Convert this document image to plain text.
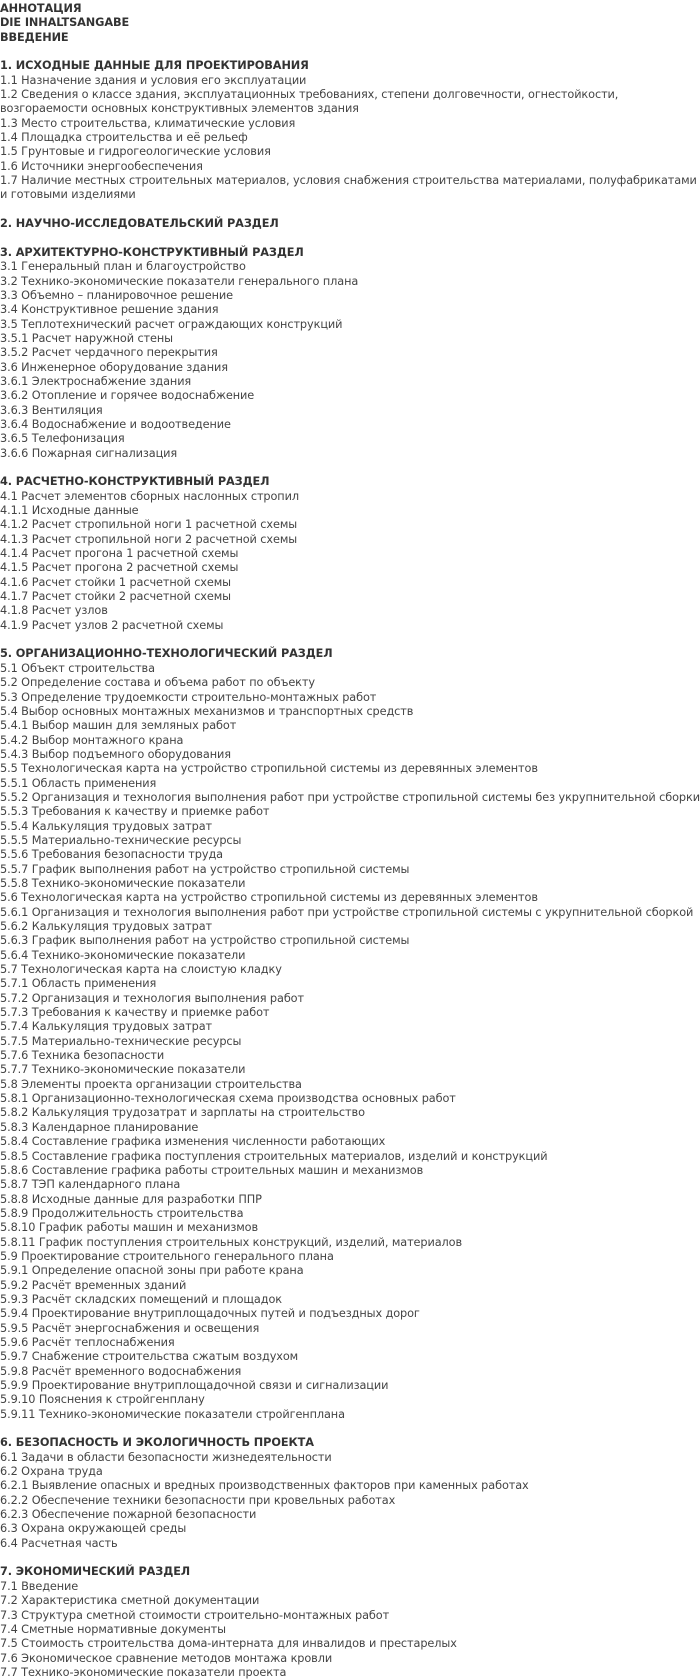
АННОТАЦИЯ
DIE INHALTSANGABE
ВВЕДЕНИЕ
1. ИСХОДНЫЕ ДАННЫЕ ДЛЯ ПРОЕКТИРОВАНИЯ
1.1 Назначение здания и условия его эксплуатации
1.2 Сведения о классе здания, эксплуатационных требованиях, степени долговечности, огнестойкости, возгораемости основных конструктивных элементов здания
1.3 Место строительства, климатические условия
1.4 Площадка строительства и её рельеф
1.5 Грунтовые и гидрогеологические условия
1.6 Источники энергообеспечения
1.7 Наличие местных строительных материалов, условия снабжения строительства материалами, полуфабрикатами и готовыми изделиями
2. НАУЧНО-ИССЛЕДОВАТЕЛЬСКИЙ РАЗДЕЛ
3. АРХИТЕКТУРНО-КОНСТРУКТИВНЫЙ РАЗДЕЛ
3.1 Генеральный план и благоустройство
3.2 Технико-экономические показатели генерального плана
3.3 Объемно – планировочное решение
3.4 Конструктивное решение здания
3.5 Теплотехнический расчет ограждающих конструкций
3.5.1 Расчет наружной стены
3.5.2 Расчет чердачного перекрытия
3.6 Инженерное оборудование здания
3.6.1 Электроснабжение здания
3.6.2 Отопление и горячее водоснабжение
3.6.3 Вентиляция
3.6.4 Водоснабжение и водоотведение
3.6.5 Телефонизация
3.6.6 Пожарная сигнализация
4. РАСЧЕТНО-КОНСТРУКТИВНЫЙ РАЗДЕЛ
4.1 Расчет элементов сборных наслонных стропил
4.1.1 Исходные данные
4.1.2 Расчет стропильной ноги 1 расчетной схемы
4.1.3 Расчет стропильной ноги 2 расчетной схемы
4.1.4 Расчет прогона 1 расчетной схемы
4.1.5 Расчет прогона 2 расчетной схемы
4.1.6 Расчет стойки 1 расчетной схемы
4.1.7 Расчет стойки 2 расчетной схемы
4.1.8 Расчет узлов
4.1.9 Расчет узлов 2 расчетной схемы
5. ОРГАНИЗАЦИОННО-ТЕХНОЛОГИЧЕСКИЙ РАЗДЕЛ
5.1 Объект строительства
5.2 Определение состава и объема работ по объекту
5.3 Определение трудоемкости строительно-монтажных работ
5.4 Выбор основных монтажных механизмов и транспортных средств
5.4.1 Выбор машин для земляных работ
5.4.2 Выбор монтажного крана
5.4.3 Выбор подъемного оборудования
5.5 Технологическая карта на устройство стропильной системы из деревянных элементов
5.5.1 Область применения
5.5.2 Организация и технология выполнения работ при устройстве стропильной системы без укрупнительной сборки
5.5.3 Требования к качеству и приемке работ
5.5.4 Калькуляция трудовых затрат
5.5.5 Материально-технические ресурсы
5.5.6 Требования безопасности труда
5.5.7 График выполнения работ на устройство стропильной системы
5.5.8 Технико-экономические показатели
5.6 Технологическая карта на устройство стропильной системы из деревянных элементов
5.6.1 Организация и технология выполнения работ при устройстве стропильной системы с укрупнительной сборкой
5.6.2 Калькуляция трудовых затрат
5.6.3 График выполнения работ на устройство стропильной системы
5.6.4 Технико-экономические показатели
5.7 Технологическая карта на слоистую кладку
5.7.1 Область применения
5.7.2 Организация и технология выполнения работ
5.7.3 Требования к качеству и приемке работ
5.7.4 Калькуляция трудовых затрат
5.7.5 Материально-технические ресурсы
5.7.6 Техника безопасности
5.7.7 Технико-экономические показатели
5.8 Элементы проекта организации строительства
5.8.1 Организационно-технологическая схема производства основных работ
5.8.2 Калькуляция трудозатрат и зарплаты на строительство
5.8.3 Календарное планирование
5.8.4 Составление графика изменения численности работающих
5.8.5 Составление графика поступления строительных материалов, изделий и конструкций
5.8.6 Составление графика работы строительных машин и механизмов
5.8.7 ТЭП календарного плана
5.8.8 Исходные данные для разработки ППР
5.8.9 Продолжительность строительства
5.8.10 График работы машин и механизмов
5.8.11 График поступления строительных конструкций, изделий, материалов
5.9 Проектирование строительного генерального плана
5.9.1 Определение опасной зоны при работе крана
5.9.2 Расчёт временных зданий
5.9.3 Расчёт складских помещений и площадок
5.9.4 Проектирование внутриплощадочных путей и подъездных дорог
5.9.5 Расчёт энергоснабжения и освещения
5.9.6 Расчёт теплоснабжения
5.9.7 Снабжение строительства сжатым воздухом
5.9.8 Расчёт временного водоснабжения
5.9.9 Проектирование внутриплощадочной связи и сигнализации
5.9.10 Пояснения к стройгенплану
5.9.11 Технико-экономические показатели стройгенплана
6. БЕЗОПАСНОСТЬ И ЭКОЛОГИЧНОСТЬ ПРОЕКТА
6.1 Задачи в области безопасности жизнедеятельности
6.2 Охрана труда
6.2.1 Выявление опасных и вредных производственных факторов при каменных работах
6.2.2 Обеспечение техники безопасности при кровельных работах
6.2.3 Обеспечение пожарной безопасности
6.3 Охрана окружающей среды
6.4 Расчетная часть
7. ЭКОНОМИЧЕСКИЙ РАЗДЕЛ
7.1 Введение
7.2 Характеристика сметной документации
7.3 Структура сметной стоимости строительно-монтажных работ
7.4 Сметные нормативные документы
7.5 Стоимость строительства дома-интерната для инвалидов и престарелых
7.6 Экономическое сравнение методов монтажа кровли
7.7 Технико-экономические показатели проекта
